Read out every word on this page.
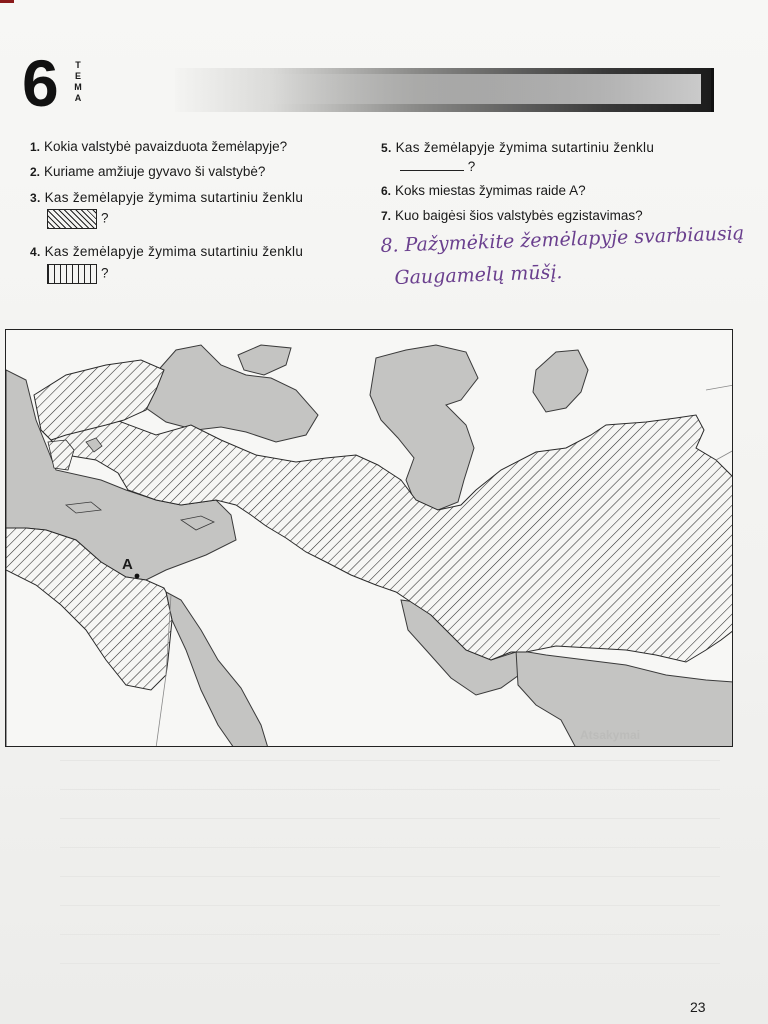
6	T
E
M
A
1. Kokia valstybė pavaizduota žemėlapyje?
2. Kuriame amžiuje gyvavo ši valstybė?
3. Kas žemėlapyje žymima sutartiniu ženklu
?
4. Kas žemėlapyje žymima sutartiniu ženklu
?
5. Kas žemėlapyje žymima sutartiniu ženklu
?
6. Koks miestas žymimas raide A?
7. Kuo baigėsi šios valstybės egzistavimas?
8. Pažymėkite žemėlapyje svarbiausią
Gaugamelų mūšį.
A
Atsakymai
23
